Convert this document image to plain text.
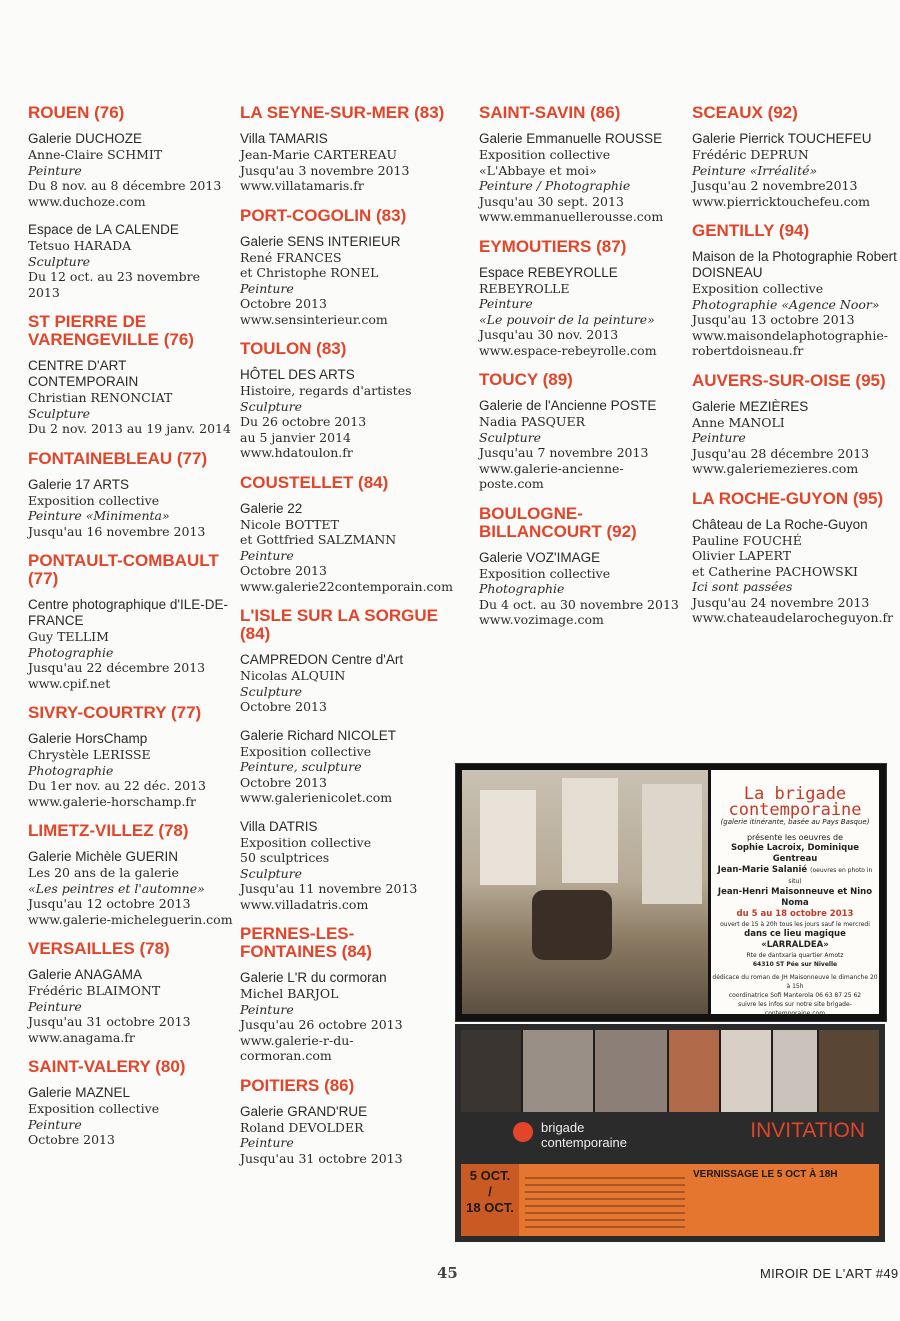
ROUEN (76)
Galerie DUCHOZE
Anne-Claire SCHMIT
Peinture
Du 8 nov. au 8 décembre 2013
www.duchoze.com
Espace de LA CALENDE
Tetsuo HARADA
Sculpture
Du 12 oct. au 23 novembre 2013
ST PIERRE DE VARENGEVILLE (76)
CENTRE D'ART CONTEMPORAIN
Christian RENONCIAT
Sculpture
Du 2 nov. 2013 au 19 janv. 2014
FONTAINEBLEAU (77)
Galerie 17 ARTS
Exposition collective
Peinture «Minimenta»
Jusqu'au 16 novembre 2013
PONTAULT-COMBAULT (77)
Centre photographique d'ILE-DE-FRANCE
Guy TELLIM
Photographie
Jusqu'au 22 décembre 2013
www.cpif.net
SIVRY-COURTRY (77)
Galerie HorsChamp
Chrystèle LERISSE
Photographie
Du 1er nov. au 22 déc. 2013
www.galerie-horschamp.fr
LIMETZ-VILLEZ (78)
Galerie Michèle GUERIN
Les 20 ans de la galerie
«Les peintres et l'automne»
Jusqu'au 12 octobre 2013
www.galerie-micheleguerin.com
VERSAILLES (78)
Galerie ANAGAMA
Frédéric BLAIMONT
Peinture
Jusqu'au 31 octobre 2013
www.anagama.fr
SAINT-VALERY (80)
Galerie MAZNEL
Exposition collective
Peinture
Octobre 2013
LA SEYNE-SUR-MER (83)
Villa TAMARIS
Jean-Marie CARTEREAU
Jusqu'au 3 novembre 2013
www.villatamaris.fr
PORT-COGOLIN (83)
Galerie SENS INTERIEUR
René FRANCES
et Christophe RONEL
Peinture
Octobre 2013
www.sensinterieur.com
TOULON (83)
HÔTEL DES ARTS
Histoire, regards d'artistes
Sculpture
Du 26 octobre 2013
au 5 janvier 2014
www.hdatoulon.fr
COUSTELLET (84)
Galerie 22
Nicole BOTTET
et Gottfried SALZMANN
Peinture
Octobre 2013
www.galerie22contemporain.com
L'ISLE SUR LA SORGUE (84)
CAMPREDON Centre d'Art
Nicolas ALQUIN
Sculpture
Octobre 2013
Galerie Richard NICOLET
Exposition collective
Peinture, sculpture
Octobre 2013
www.galerienicolet.com
Villa DATRIS
Exposition collective
50 sculptrices
Sculpture
Jusqu'au 11 novembre 2013
www.villadatris.com
PERNES-LES-FONTAINES (84)
Galerie L'R du cormoran
Michel BARJOL
Peinture
Jusqu'au 26 octobre 2013
www.galerie-r-du-cormoran.com
POITIERS (86)
Galerie GRAND'RUE
Roland DEVOLDER
Peinture
Jusqu'au 31 octobre 2013
SAINT-SAVIN (86)
Galerie Emmanuelle ROUSSE
Exposition collective
«L'Abbaye et moi»
Peinture / Photographie
Jusqu'au 30 sept. 2013
www.emmanuellerousse.com
EYMOUTIERS (87)
Espace REBEYROLLE
REBEYROLLE
Peinture
«Le pouvoir de la peinture»
Jusqu'au 30 nov. 2013
www.espace-rebeyrolle.com
TOUCY (89)
Galerie de l'Ancienne POSTE
Nadia PASQUER
Sculpture
Jusqu'au 7 novembre 2013
www.galerie-ancienne-poste.com
BOULOGNE-BILLANCOURT (92)
Galerie VOZ'IMAGE
Exposition collective
Photographie
Du 4 oct. au 30 novembre 2013
www.vozimage.com
SCEAUX (92)
Galerie Pierrick TOUCHEFEU
Frédéric DEPRUN
Peinture «Irréalité»
Jusqu'au 2 novembre2013
www.pierricktouchefeu.com
GENTILLY (94)
Maison de la Photographie Robert DOISNEAU
Exposition collective
Photographie «Agence Noor»
Jusqu'au 13 octobre 2013
www.maisondelaphotographie-robertdoisneau.fr
AUVERS-SUR-OISE (95)
Galerie MEZIÈRES
Anne MANOLI
Peinture
Jusqu'au 28 décembre 2013
www.galeriemezieres.com
LA ROCHE-GUYON (95)
Château de La Roche-Guyon
Pauline FOUCHÉ
Olivier LAPERT
et Catherine PACHOWSKI
Ici sont passées
Jusqu'au 24 novembre 2013
www.chateaudelarocheguyon.fr
La brigade contemporaine
(galerie itinérante, basée au Pays Basque)
présente les oeuvres de
Sophie Lacroix, Dominique Gentreau
Jean-Marie Salanié (oeuvres en photo in situ)
Jean-Henri Maisonneuve et Nino Noma
du 5 au 18 octobre 2013
ouvert de 15 à 20h tous les jours sauf le mercredi
dans ce lieu magique
«LARRALDEA»
Rte de dantxaria quartier Amotz
64310 ST Pée sur Nivelle
dédicace du roman de JH Maisonneuve le dimanche 20 à 15h
coordinatrice Sofi Manterola 06 63 87 25 62
suivre les infos sur notre site brigade-contemporaine.com
brigade
contemporaine
INVITATION
5 OCT.
/
18 OCT.
VERNISSAGE LE 5 OCT À 18H
45	MIROIR DE L'ART #49
